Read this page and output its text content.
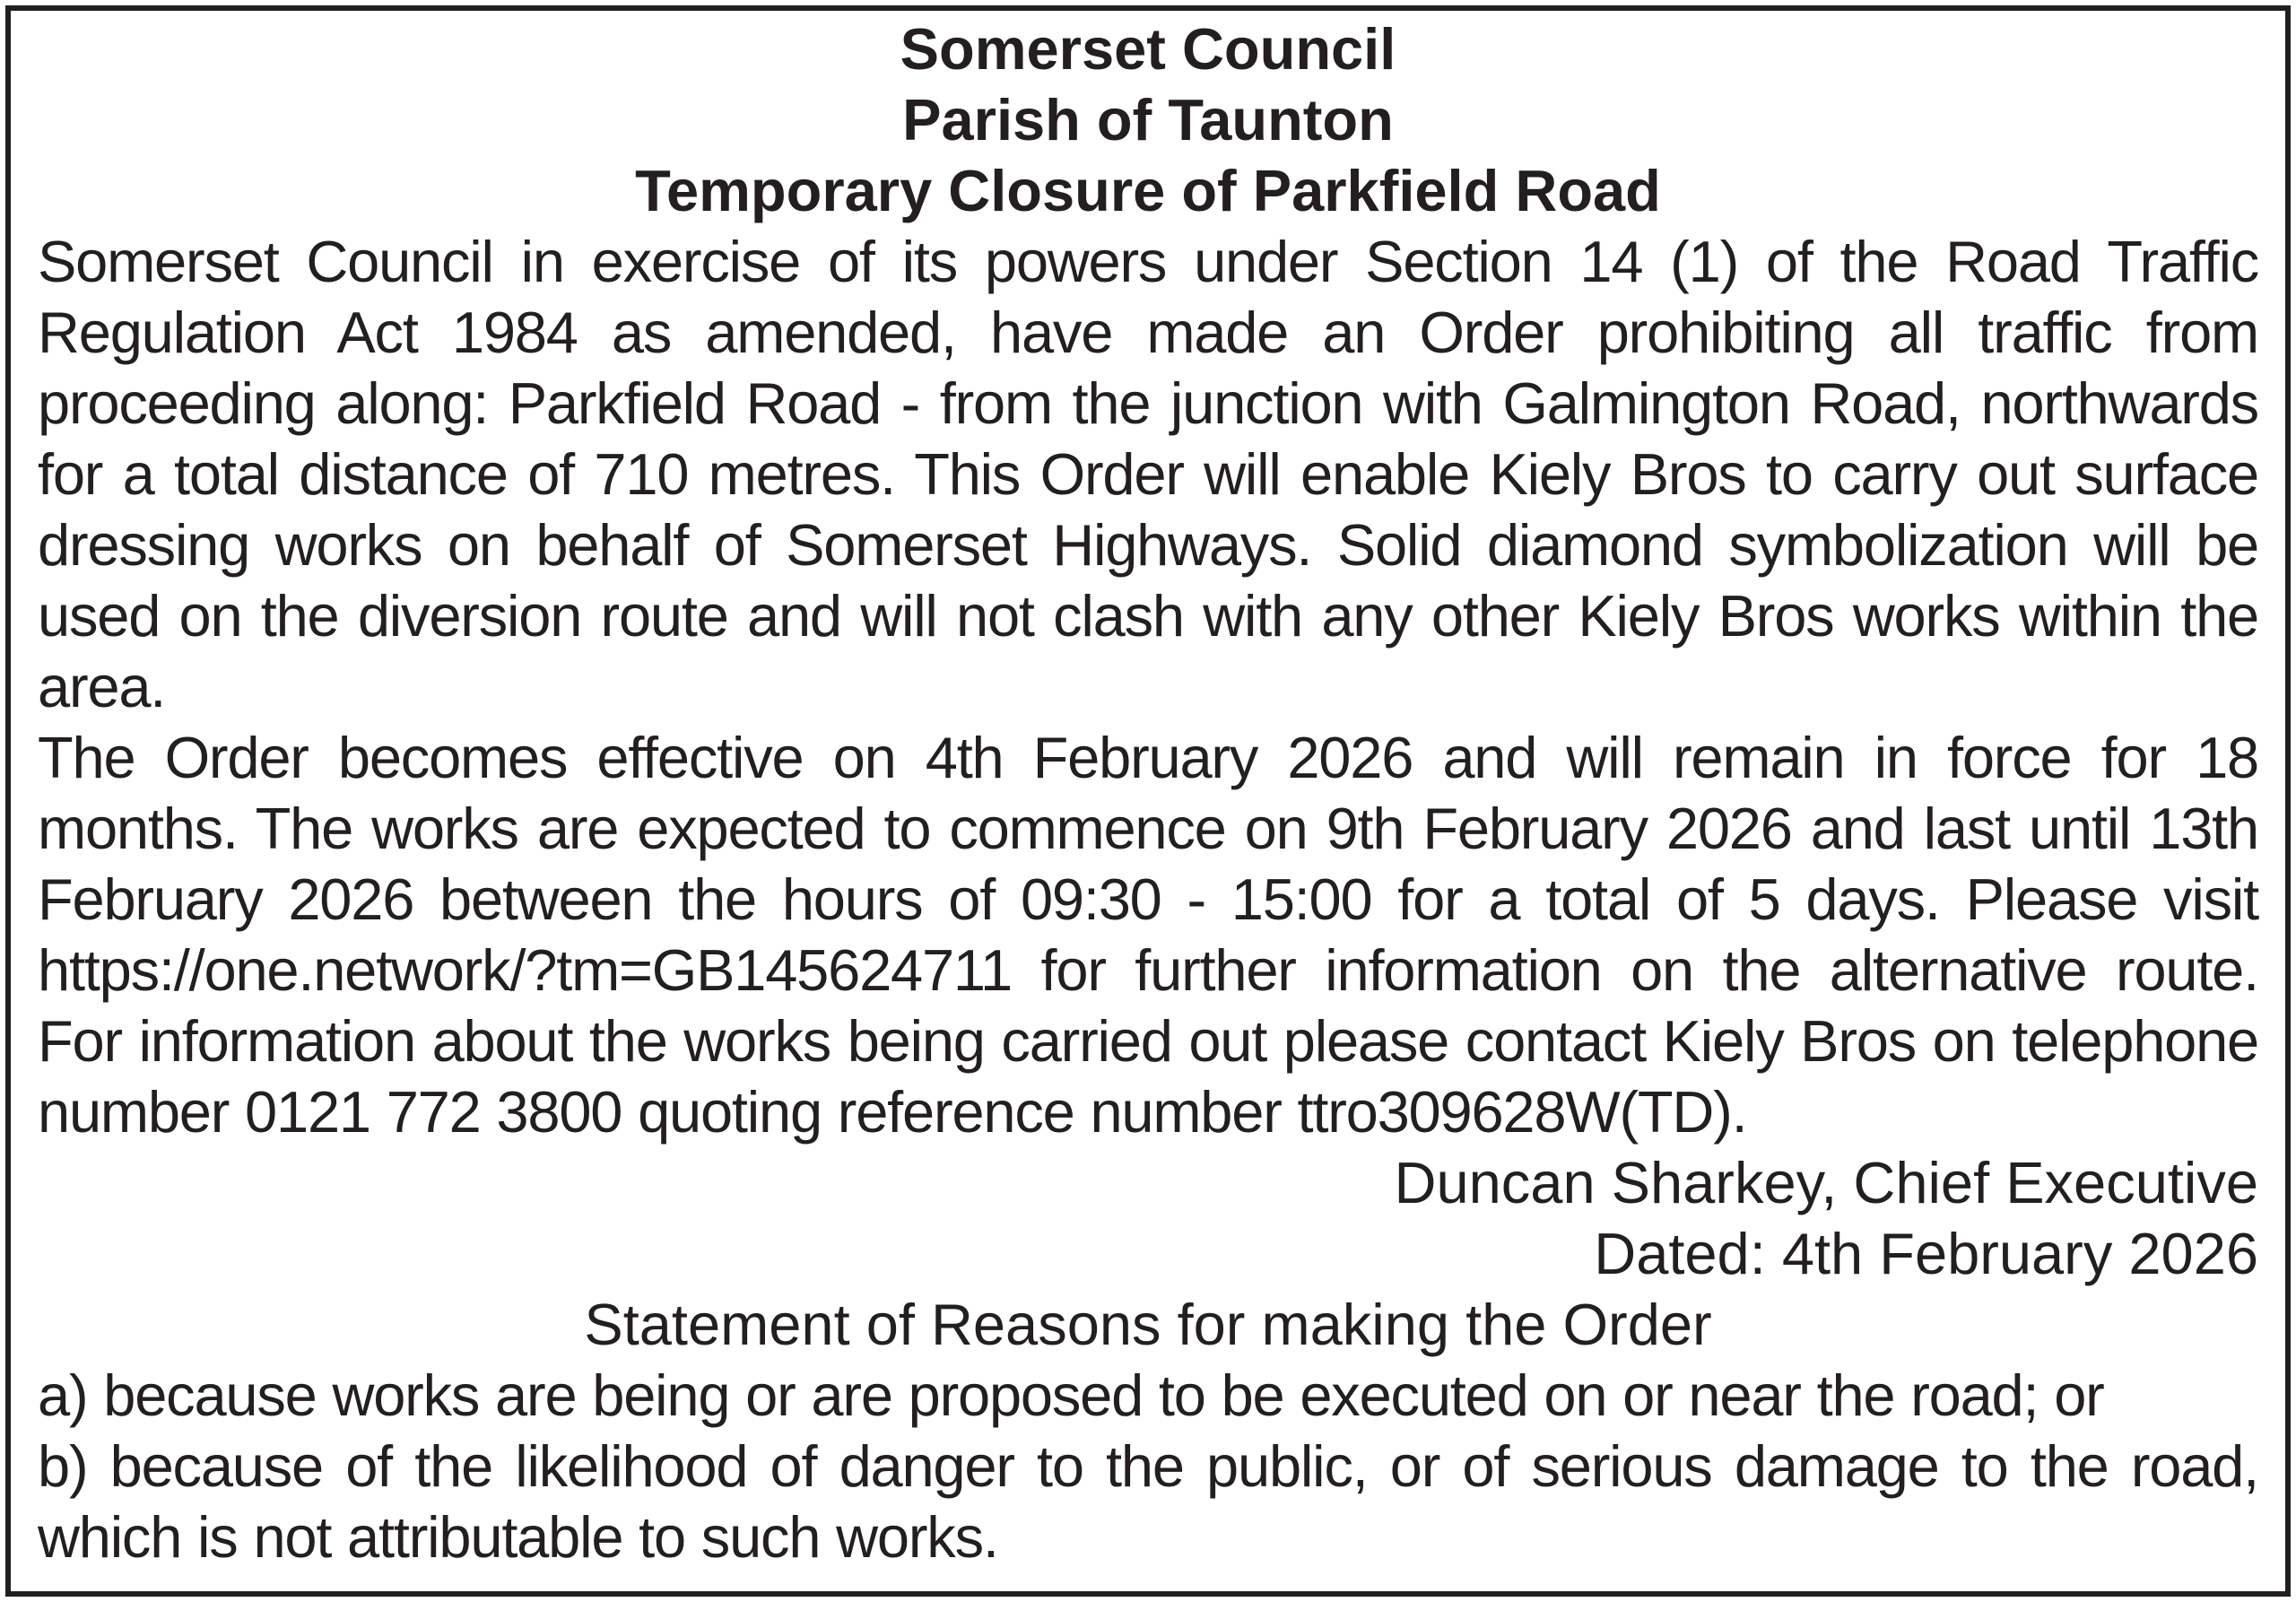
Somerset Council

Parish of Taunton

Temporary Closure of Parkfield Road

Somerset Council in exercise of its powers under Section 14 (1) of the Road Traffic Regulation Act 1984 as amended, have made an Order prohibiting all traffic from proceeding along: Parkfield Road - from the junction with Galmington Road, northwards for a total distance of 710 metres. This Order will enable Kiely Bros to carry out surface dressing works on behalf of Somerset Highways. Solid diamond symbolization will be used on the diversion route and will not clash with any other Kiely Bros works within the area.

The Order becomes effective on 4th February 2026 and will remain in force for 18 months. The works are expected to commence on 9th February 2026 and last until 13th February 2026 between the hours of 09:30 - 15:00 for a total of 5 days. Please visit https://one.network/?tm=GB145624711 for further information on the alternative route. For information about the works being carried out please contact Kiely Bros on telephone number 0121 772 3800 quoting reference number ttro309628W(TD).

Duncan Sharkey, Chief Executive

Dated: 4th February 2026

Statement of Reasons for making the Order

a) because works are being or are proposed to be executed on or near the road; or

b) because of the likelihood of danger to the public, or of serious damage to the road, which is not attributable to such works.
